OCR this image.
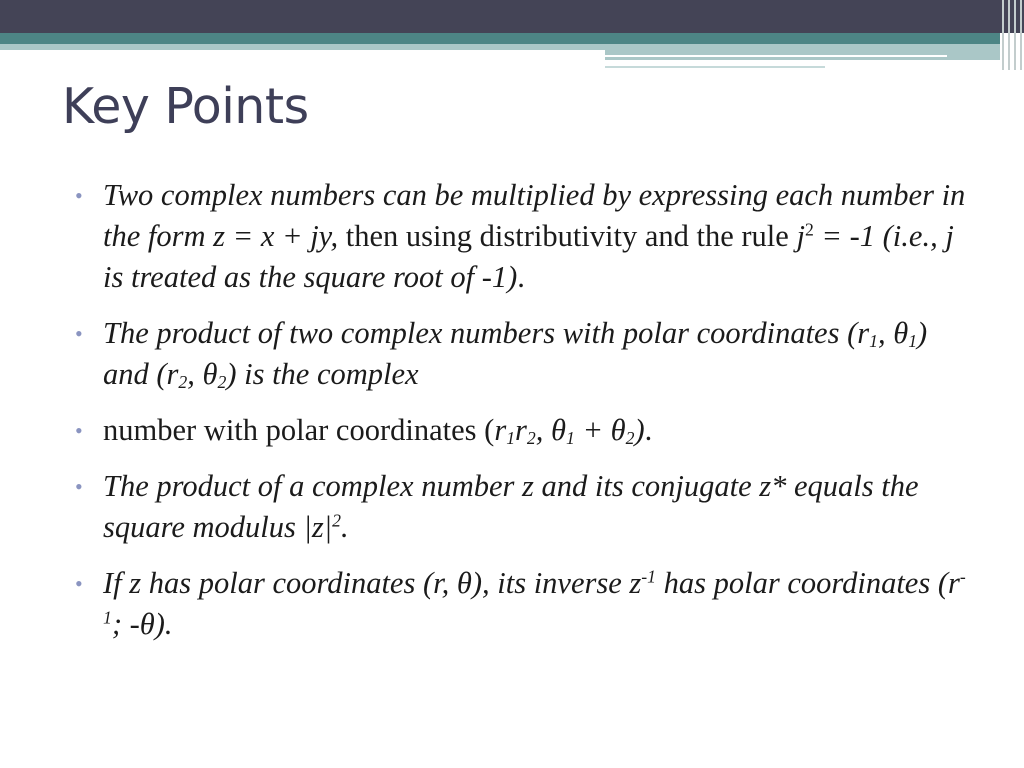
Key Points
• Two complex numbers can be multiplied by expressing each number in the form z = x + jy, then using distributivity and the rule $j^2 = -1$ (i.e., j is treated as the square root of -1).
• The product of two complex numbers with polar coordinates ($r_1$, $\theta_1$) and ($r_2$, $\theta_2$) is the complex
• number with polar coordinates ($r_1r_2$, $\theta_1 + \theta_2$).
• The product of a complex number z and its conjugate z* equals the square modulus $|z|^2$.
• If z has polar coordinates (r, θ), its inverse $z^{-1}$ has polar coordinates ($r^{-1}$; -θ).
